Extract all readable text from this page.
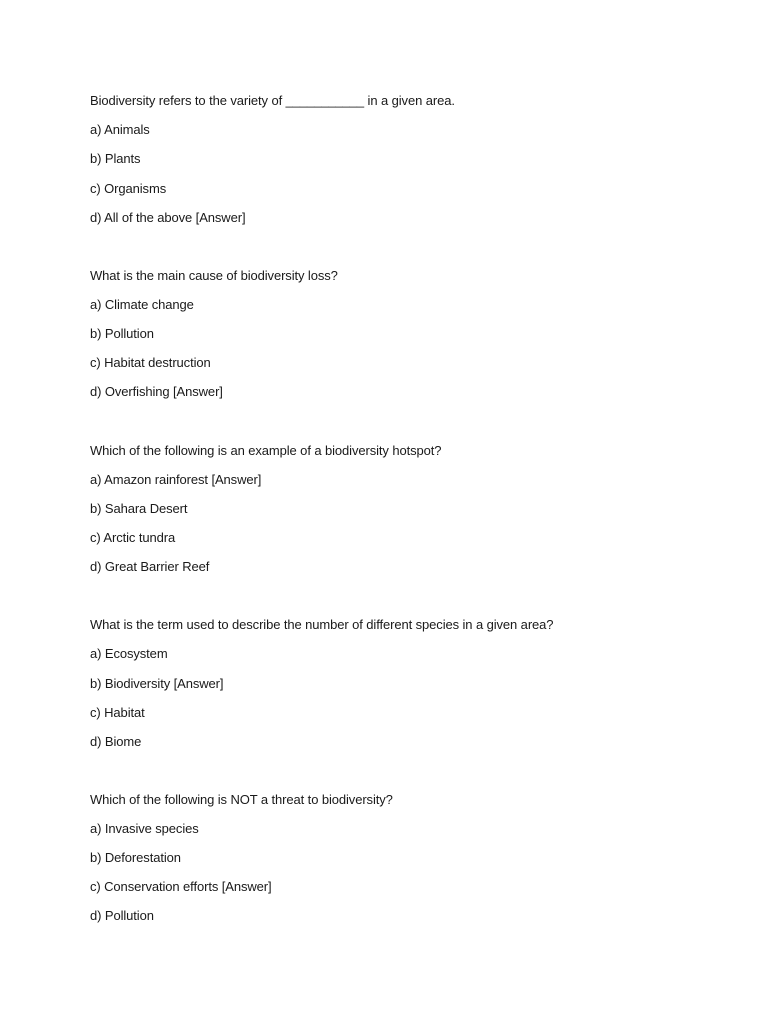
Biodiversity refers to the variety of ___________ in a given area.
a) Animals
b) Plants
c) Organisms
d) All of the above [Answer]
What is the main cause of biodiversity loss?
a) Climate change
b) Pollution
c) Habitat destruction
d) Overfishing [Answer]
Which of the following is an example of a biodiversity hotspot?
a) Amazon rainforest [Answer]
b) Sahara Desert
c) Arctic tundra
d) Great Barrier Reef
What is the term used to describe the number of different species in a given area?
a) Ecosystem
b) Biodiversity [Answer]
c) Habitat
d) Biome
Which of the following is NOT a threat to biodiversity?
a) Invasive species
b) Deforestation
c) Conservation efforts [Answer]
d) Pollution
